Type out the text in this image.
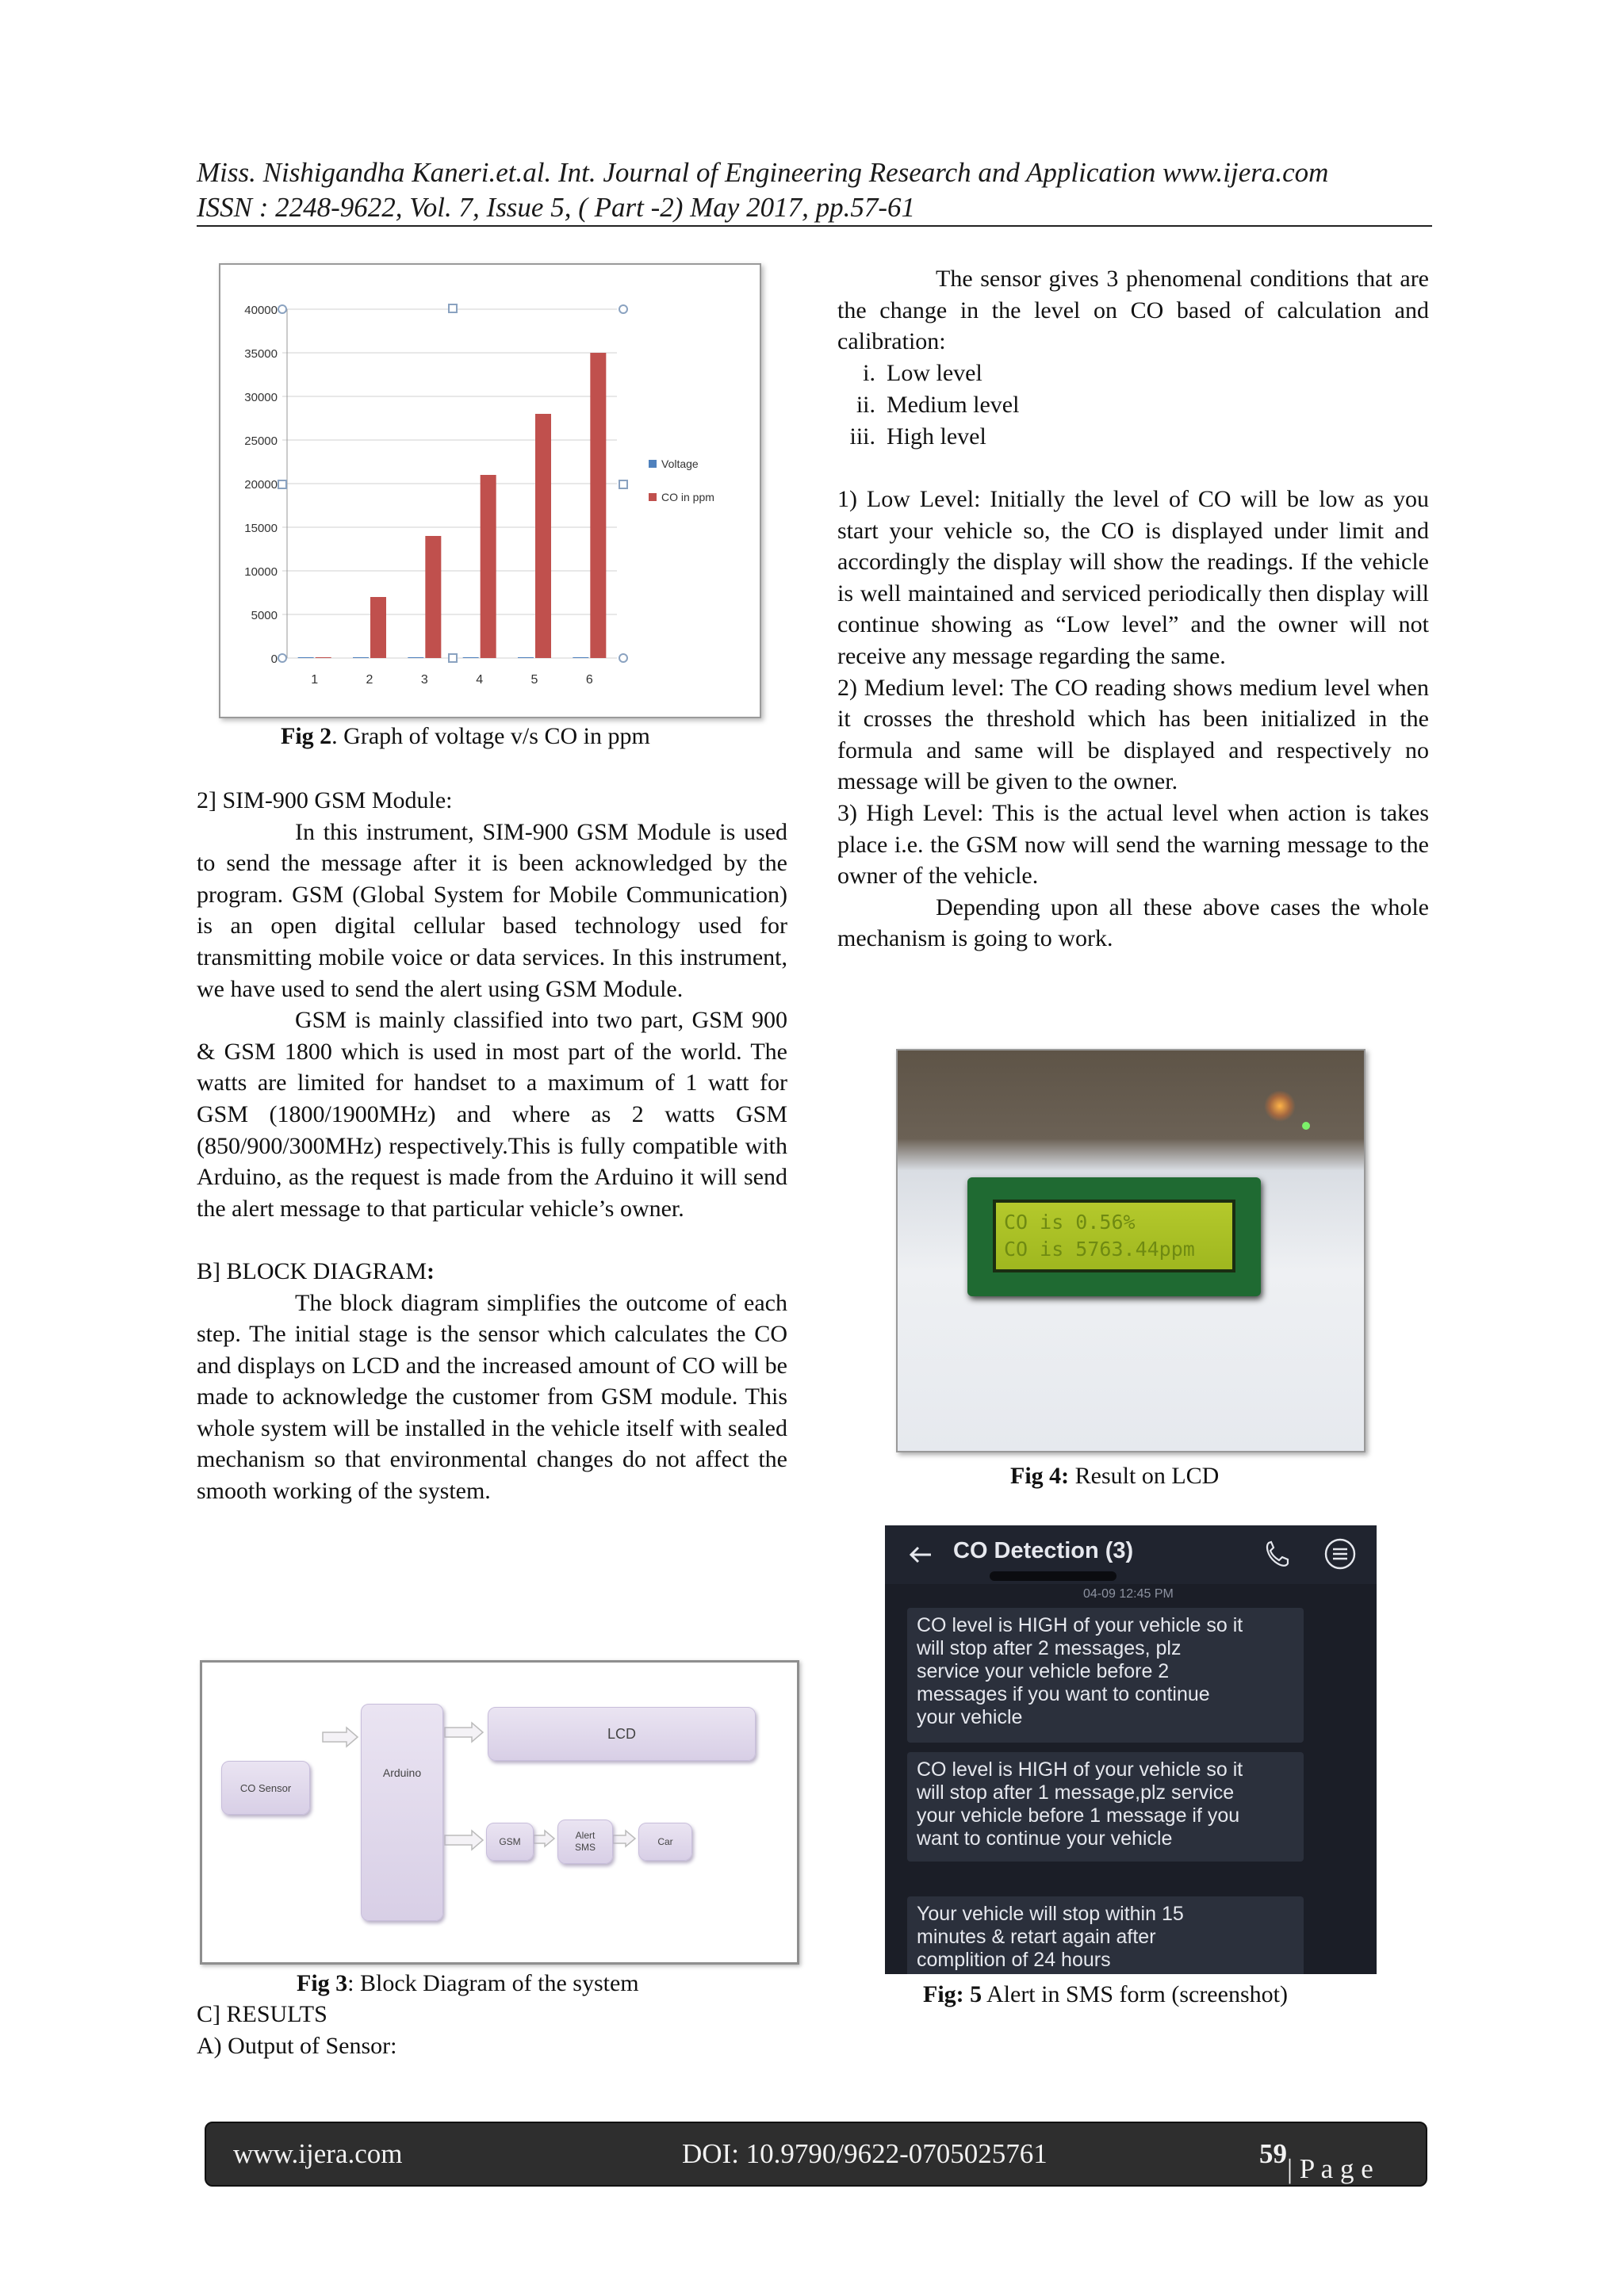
Miss. Nishigandha Kaneri.et.al. Int. Journal of Engineering Research and Application www.ijera.com
ISSN : 2248-9622, Vol. 7, Issue 5, ( Part -2) May 2017, pp.57-61
0
5000
10000
15000
20000
25000
30000
35000
40000
1	2	3	4	5	6
Voltage
CO in ppm
Fig 2. Graph of voltage v/s CO in ppm

2] SIM-900 GSM Module:

In this instrument, SIM-900 GSM Module is used to send the message after it is been acknowledged by the program. GSM (Global System for Mobile Communication) is an open digital cellular based technology used for transmitting mobile voice or data services. In this instrument, we have used to send the alert using GSM Module.

GSM is mainly classified into two part, GSM 900 & GSM 1800 which is used in most part of the world. The watts are limited for handset to a maximum of 1 watt for GSM (1800/1900MHz) and where as 2 watts GSM (850/900/300MHz) respectively.This is fully compatible with Arduino, as the request is made from the Arduino it will send the alert message to that particular vehicle’s owner.

B] BLOCK DIAGRAM:

The block diagram simplifies the outcome of each step. The initial stage is the sensor which calculates the CO and displays on LCD and the increased amount of CO will be made to acknowledge the customer from GSM module. This whole system will be installed in the vehicle itself with sealed mechanism so that environmental changes do not affect the smooth working of the system.

CO Sensor
Arduino
LCD
GSM
Alert
SMS	Car
Fig 3: Block Diagram of the system
C] RESULTS
A) Output of Sensor:

The sensor gives 3 phenomenal conditions that are the change in the level on CO based of calculation and calibration:

i. Low level
ii. Medium level
iii. High level

1) Low Level: Initially the level of CO will be low as you start your vehicle so, the CO is displayed under limit and accordingly the display will show the readings. If the vehicle is well maintained and serviced periodically then display will continue showing as “Low level” and the owner will not receive any message regarding the same.

2) Medium level: The CO reading shows medium level when it crosses the threshold which has been initialized in the formula and same will be displayed and respectively no message will be given to the owner.

3) High Level: This is the actual level when action is takes place i.e. the GSM now will send the warning message to the owner of the vehicle.

Depending upon all these above cases the whole mechanism is going to work.

CO is 0.56%
CO is 5763.44ppm
Fig 4: Result on LCD
CO Detection (3)
04-09 12:45 PM

CO level is HIGH of your vehicle so it

will stop after 2 messages, plz

service your vehicle before 2

messages if you want to continue

your vehicle

CO level is HIGH of your vehicle so it

will stop after 1 message,plz service

your vehicle before 1 message if you

want to continue your vehicle

Your vehicle will stop within 15

minutes & retart again after

complition of 24 hours

Fig: 5 Alert in SMS form (screenshot)
www.ijera.com	DOI: 10.9790/9622-0705025761	59 | P a g e
